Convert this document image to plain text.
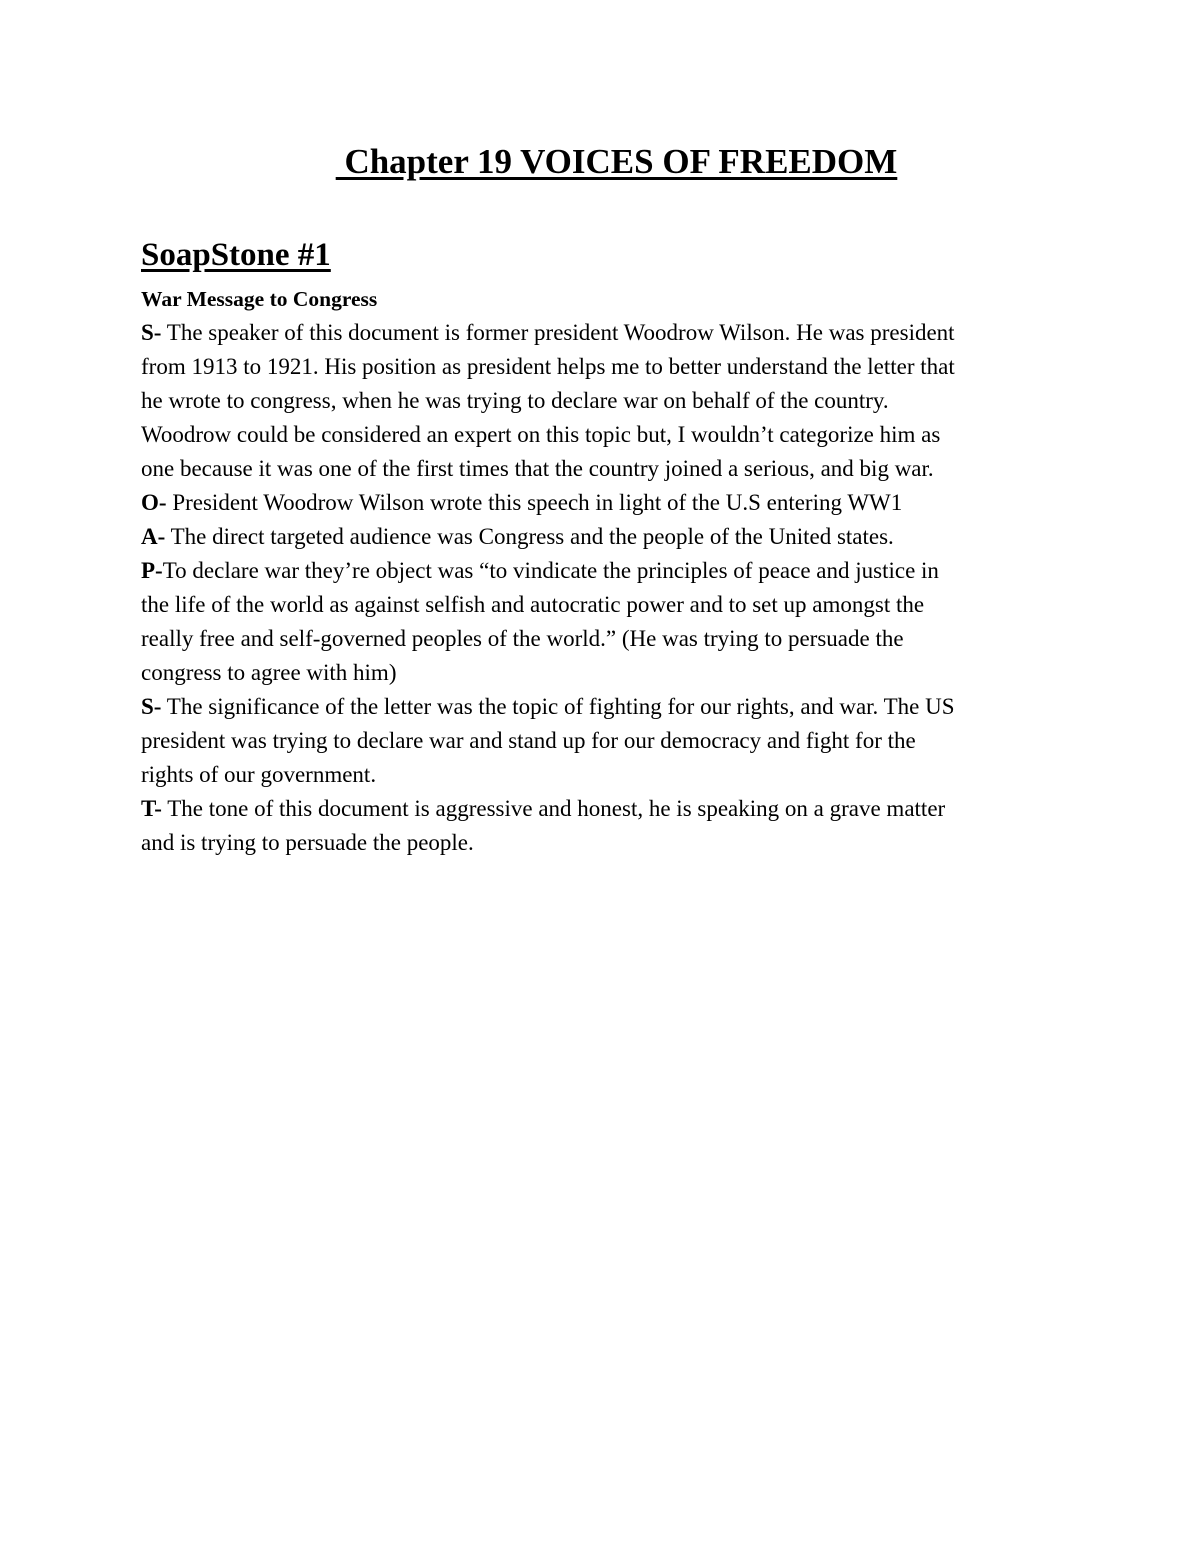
Chapter 19 VOICES OF FREEDOM
SoapStone #1
War Message to Congress
S- The speaker of this document is former president Woodrow Wilson. He was president
from 1913 to 1921. His position as president helps me to better understand the letter that
he wrote to congress, when he was trying to declare war on behalf of the country.
Woodrow could be considered an expert on this topic but, I wouldn’t categorize him as
one because it was one of the first times that the country joined a serious, and big war.
O- President Woodrow Wilson wrote this speech in light of the U.S entering WW1
A- The direct targeted audience was Congress and the people of the United states.
P-To declare war they’re object was “to vindicate the principles of peace and justice in
the life of the world as against selfish and autocratic power and to set up amongst the
really free and self-governed peoples of the world.” (He was trying to persuade the
congress to agree with him)
S- The significance of the letter was the topic of fighting for our rights, and war. The US
president was trying to declare war and stand up for our democracy and fight for the
rights of our government.
T- The tone of this document is aggressive and honest, he is speaking on a grave matter
and is trying to persuade the people.
